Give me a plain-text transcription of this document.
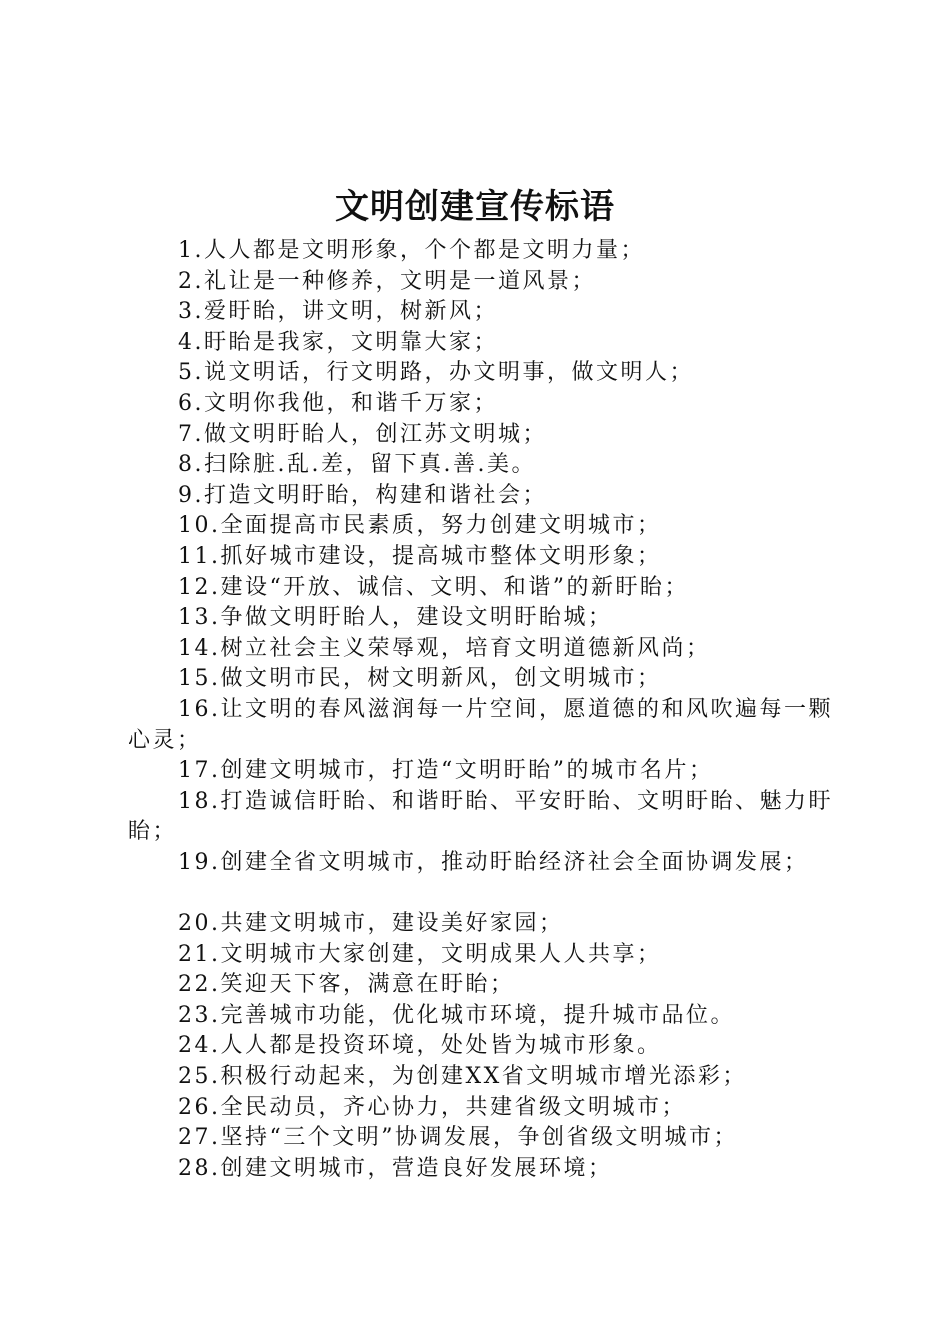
文明创建宣传标语
1.人人都是文明形象，个个都是文明力量；
2.礼让是一种修养，文明是一道风景；
3.爱盱眙，讲文明，树新风；
4.盱眙是我家，文明靠大家；
5.说文明话，行文明路，办文明事，做文明人；
6.文明你我他，和谐千万家；
7.做文明盱眙人，创江苏文明城；
8.扫除脏.乱.差，留下真.善.美。
9.打造文明盱眙，构建和谐社会；
10.全面提高市民素质，努力创建文明城市；
11.抓好城市建设，提高城市整体文明形象；
12.建设“开放、诚信、文明、和谐”的新盱眙；
13.争做文明盱眙人，建设文明盱眙城；
14.树立社会主义荣辱观，培育文明道德新风尚；
15.做文明市民，树文明新风，创文明城市；
16.让文明的春风滋润每一片空间，愿道德的和风吹遍每一颗心灵；
17.创建文明城市，打造“文明盱眙”的城市名片；
18.打造诚信盱眙、和谐盱眙、平安盱眙、文明盱眙、魅力盱眙；
19.创建全省文明城市，推动盱眙经济社会全面协调发展；
20.共建文明城市，建设美好家园；
21.文明城市大家创建，文明成果人人共享；
22.笑迎天下客，满意在盱眙；
23.完善城市功能，优化城市环境，提升城市品位。
24.人人都是投资环境，处处皆为城市形象。
25.积极行动起来，为创建XX省文明城市增光添彩；
26.全民动员，齐心协力，共建省级文明城市；
27.坚持“三个文明”协调发展，争创省级文明城市；
28.创建文明城市，营造良好发展环境；
